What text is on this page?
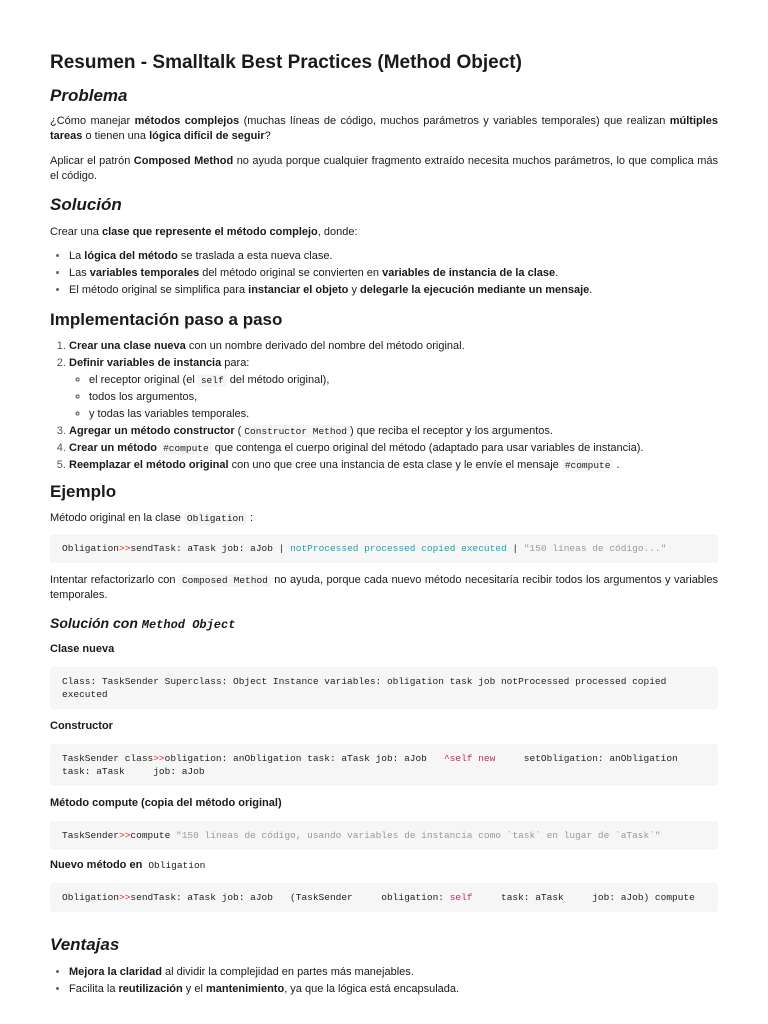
Resumen - Smalltalk Best Practices (Method Object)
Problema

¿Cómo manejar métodos complejos (muchas líneas de código, muchos parámetros y variables temporales) que realizan múltiples tareas o tienen una lógica difícil de seguir?

Aplicar el patrón Composed Method no ayuda porque cualquier fragmento extraído necesita muchos parámetros, lo que complica más el código.

Solución

Crear una clase que represente el método complejo, donde:

• La lógica del método se traslada a esta nueva clase.
• Las variables temporales del método original se convierten en variables de instancia de la clase.
• El método original se simplifica para instanciar el objeto y delegarle la ejecución mediante un mensaje.
Implementación paso a paso
1. Crear una clase nueva con un nombre derivado del nombre del método original.
2. Definir variables de instancia para:
◦ el receptor original (el self del método original),
◦ todos los argumentos,
◦ y todas las variables temporales.
3. Agregar un método constructor ( Constructor Method ) que reciba el receptor y los argumentos.
4. Crear un método #compute que contenga el cuerpo original del método (adaptado para usar variables de instancia).
5. Reemplazar el método original con uno que cree una instancia de esta clase y le envíe el mensaje #compute .
Ejemplo

Método original en la clase Obligation :

Obligation>>sendTask: aTask job: aJob | notProcessed processed copied executed | "150 líneas de código..."

Intentar refactorizarlo con Composed Method no ayuda, porque cada nuevo método necesitaría recibir todos los argumentos y variables temporales.

Solución con Method Object
Clase nueva
Class: TaskSender Superclass: Object Instance variables: obligation task job notProcessed processed copied executed
Constructor
TaskSender class>>obligation: anObligation task: aTask job: aJob   ^self new     setObligation: anObligation task: aTask     job: aJob
Método compute (copia del método original)
TaskSender>>compute "150 líneas de código, usando variables de instancia como `task` en lugar de `aTask`"
Nuevo método en Obligation
Obligation>>sendTask: aTask job: aJob   (TaskSender     obligation: self     task: aTask     job: aJob) compute
Ventajas
• Mejora la claridad al dividir la complejidad en partes más manejables.
• Facilita la reutilización y el mantenimiento, ya que la lógica está encapsulada.
